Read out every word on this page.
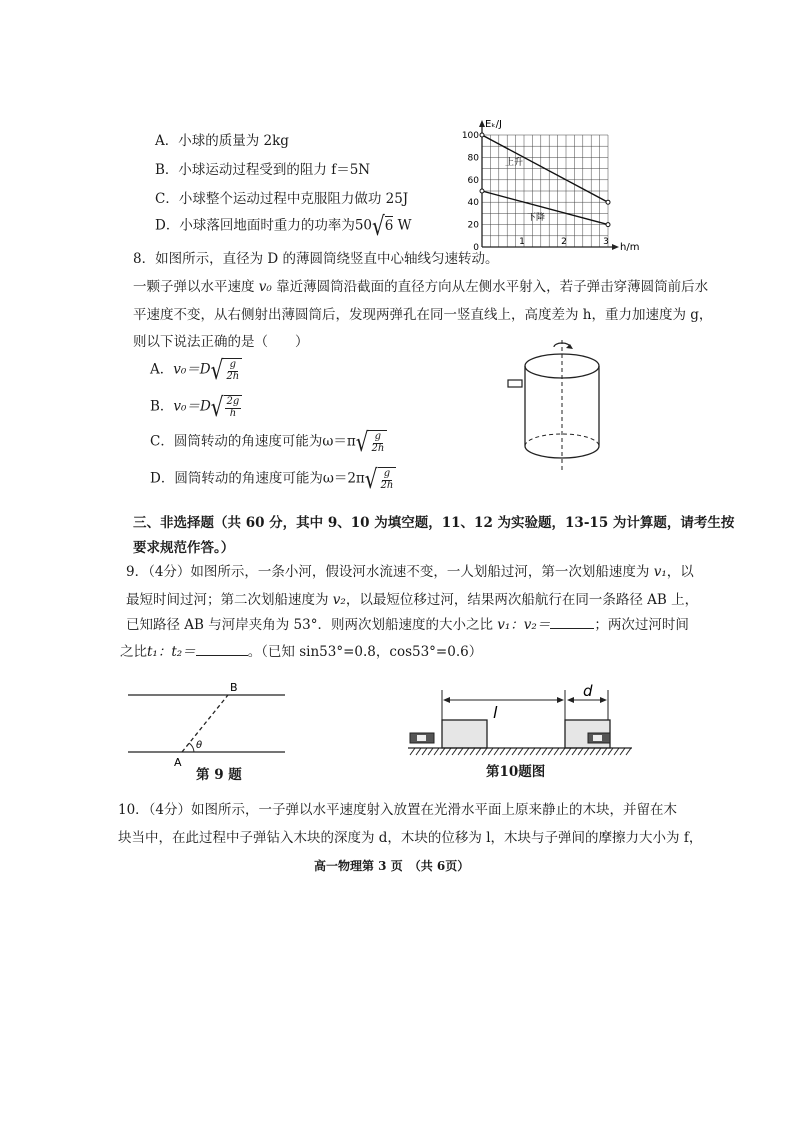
A．小球的质量为 2kg
B．小球运动过程受到的阻力 f＝5N
C．小球整个运动过程中克服阻力做功 25J
D．小球落回地面时重力的功率为50 √ 6 W
Eₖ/J
h/m
100
80
60
40
20
0
1	2	3
上升
下降
8．如图所示，直径为 D 的薄圆筒绕竖直中心轴线匀速转动。
一颗子弹以水平速度 v₀ 靠近薄圆筒沿截面的直径方向从左侧水平射入，若子弹击穿薄圆筒前后水
平速度不变，从右侧射出薄圆筒后，发现两弹孔在同一竖直线上，高度差为 h，重力加速度为 g，
则以下说法正确的是（　　）
A．v₀＝D √ $\frac{g}{2h}$
B．v₀＝D √ $\frac{2g}{h}$
C．圆筒转动的角速度可能为ω＝π √ $\frac{g}{2h}$
D．圆筒转动的角速度可能为ω＝2π √ $\frac{g}{2h}$
三、非选择题（共 60 分，其中 9、10 为填空题，11、12 为实验题，13-15 为计算题，请考生按
要求规范作答。）
9．（4分）如图所示，一条小河，假设河水流速不变，一人划船过河，第一次划船速度为 v₁，以
最短时间过河；第二次划船速度为 v₂，以最短位移过河，结果两次船航行在同一条路径 AB 上，
已知路径 AB 与河岸夹角为 53°．则两次划船速度的大小之比 v₁：v₂＝	；两次过河时间
之比t₁：t₂＝	。（已知 sin53°=0.8，cos53°=0.6）
θ
A
B
第 9 题
l
d
第10题图
10．（4分）如图所示，一子弹以水平速度射入放置在光滑水平面上原来静止的木块，并留在木
块当中，在此过程中子弹钻入木块的深度为 d，木块的位移为 l，木块与子弹间的摩擦力大小为 f，
高一物理第 3 页　（共 6页）
